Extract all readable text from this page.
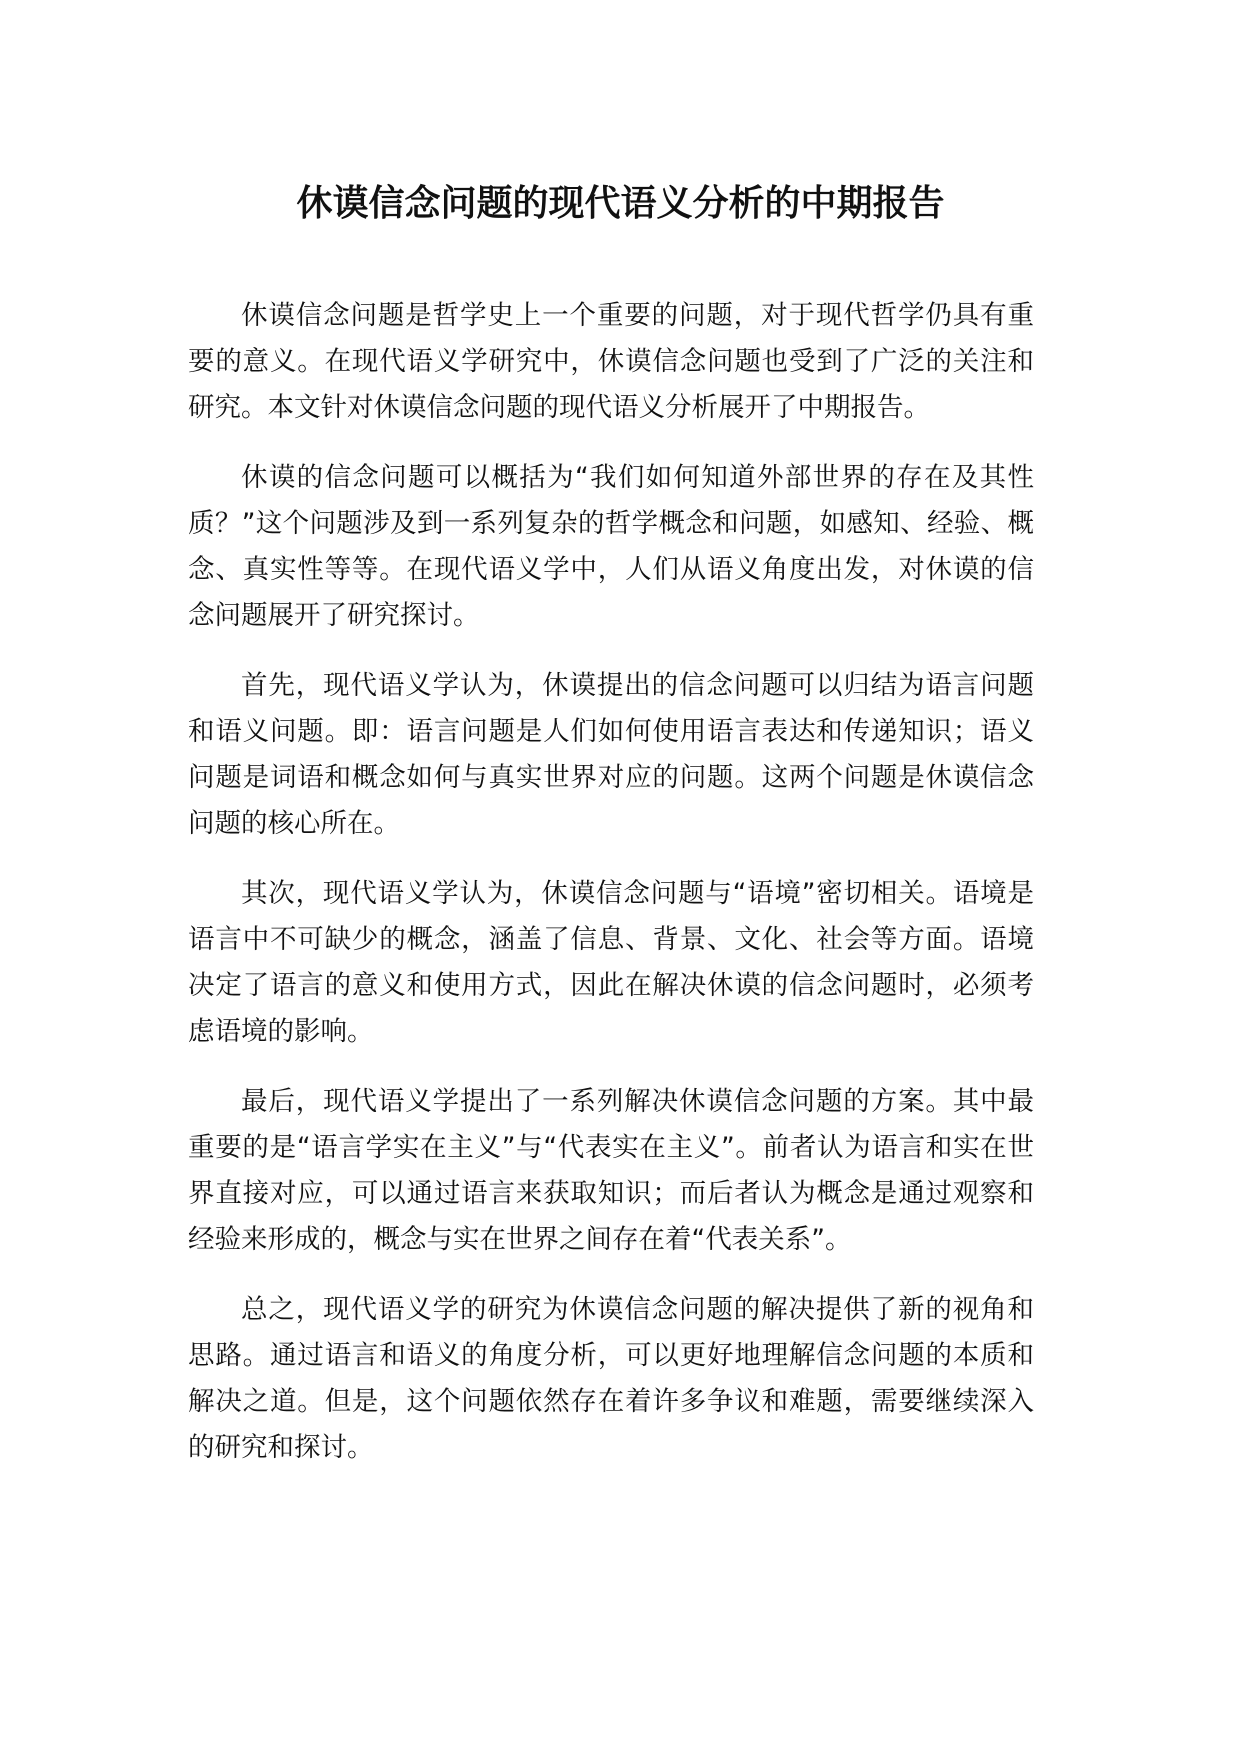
休谟信念问题的现代语义分析的中期报告

休谟信念问题是哲学史上一个重要的问题，对于现代哲学仍具有重要的意义。在现代语义学研究中，休谟信念问题也受到了广泛的关注和研究。本文针对休谟信念问题的现代语义分析展开了中期报告。

休谟的信念问题可以概括为“我们如何知道外部世界的存在及其性质？”这个问题涉及到一系列复杂的哲学概念和问题，如感知、经验、概念、真实性等等。在现代语义学中，人们从语义角度出发，对休谟的信念问题展开了研究探讨。

首先，现代语义学认为，休谟提出的信念问题可以归结为语言问题和语义问题。即：语言问题是人们如何使用语言表达和传递知识；语义问题是词语和概念如何与真实世界对应的问题。这两个问题是休谟信念问题的核心所在。

其次，现代语义学认为，休谟信念问题与“语境”密切相关。语境是语言中不可缺少的概念，涵盖了信息、背景、文化、社会等方面。语境决定了语言的意义和使用方式，因此在解决休谟的信念问题时，必须考虑语境的影响。

最后，现代语义学提出了一系列解决休谟信念问题的方案。其中最重要的是“语言学实在主义”与“代表实在主义”。前者认为语言和实在世界直接对应，可以通过语言来获取知识；而后者认为概念是通过观察和经验来形成的，概念与实在世界之间存在着“代表关系”。

总之，现代语义学的研究为休谟信念问题的解决提供了新的视角和思路。通过语言和语义的角度分析，可以更好地理解信念问题的本质和解决之道。但是，这个问题依然存在着许多争议和难题，需要继续深入的研究和探讨。
